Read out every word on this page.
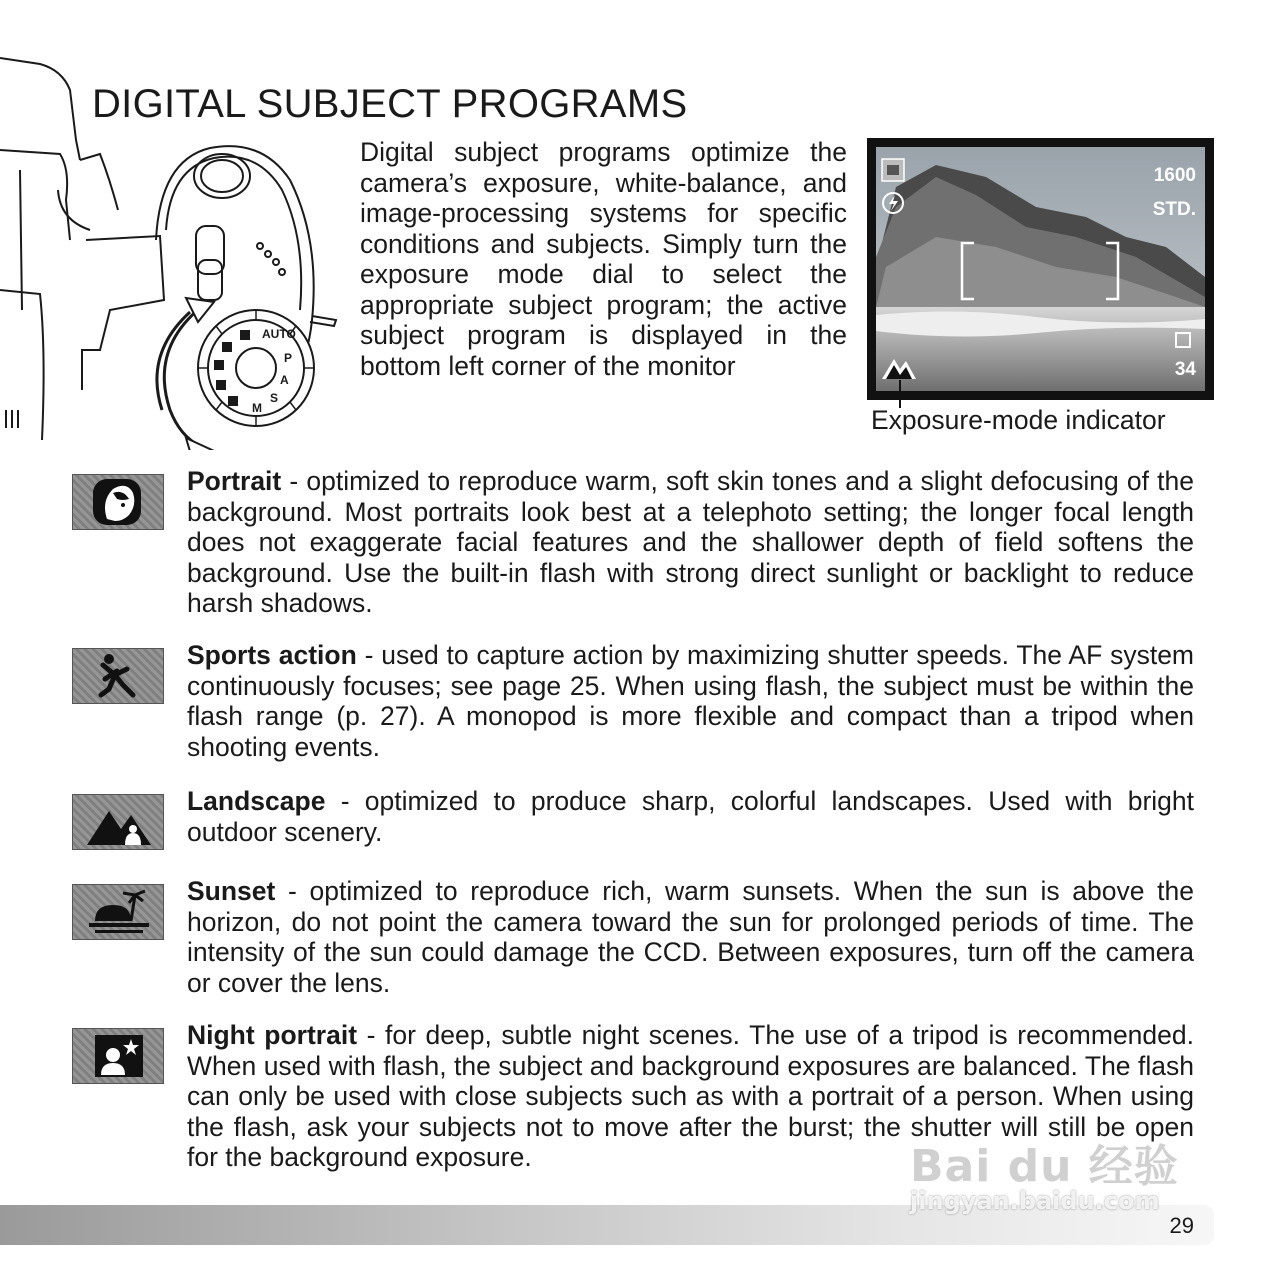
DIGITAL SUBJECT PROGRAMS
AUTO
P
A
S
M

Digital subject programs optimize the camera’s exposure, white-balance, and image-processing systems for specific conditions and subjects. Simply turn the exposure mode dial to select the appropriate subject program; the active subject program is displayed in the bottom left corner of the monitor

1600
STD.
34

Exposure-mode indicator

Portrait - optimized to reproduce warm, soft skin tones and a slight defocusing of the background. Most portraits look best at a telephoto setting; the longer focal length does not exaggerate facial features and the shallower depth of field softens the background. Use the built-in flash with strong direct sunlight or backlight to reduce harsh shadows.

Sports action - used to capture action by maximizing shutter speeds. The AF system continuously focuses; see page 25. When using flash, the subject must be within the flash range (p. 27). A monopod is more flexible and compact than a tripod when shooting events.

Landscape - optimized to produce sharp, colorful landscapes. Used with bright outdoor scenery.

Sunset - optimized to reproduce rich, warm sunsets. When the sun is above the horizon, do not point the camera toward the sun for prolonged periods of time. The intensity of the sun could damage the CCD. Between exposures, turn off the camera or cover the lens.

Night portrait - for deep, subtle night scenes. The use of a tripod is recommended. When used with flash, the subject and background exposures are balanced. The flash can only be used with close subjects such as with a portrait of a person. When using the flash, ask your subjects not to move after the burst; the shutter will still be open for the background exposure.	Bai du 经验
29
jingyan.baidu.com
